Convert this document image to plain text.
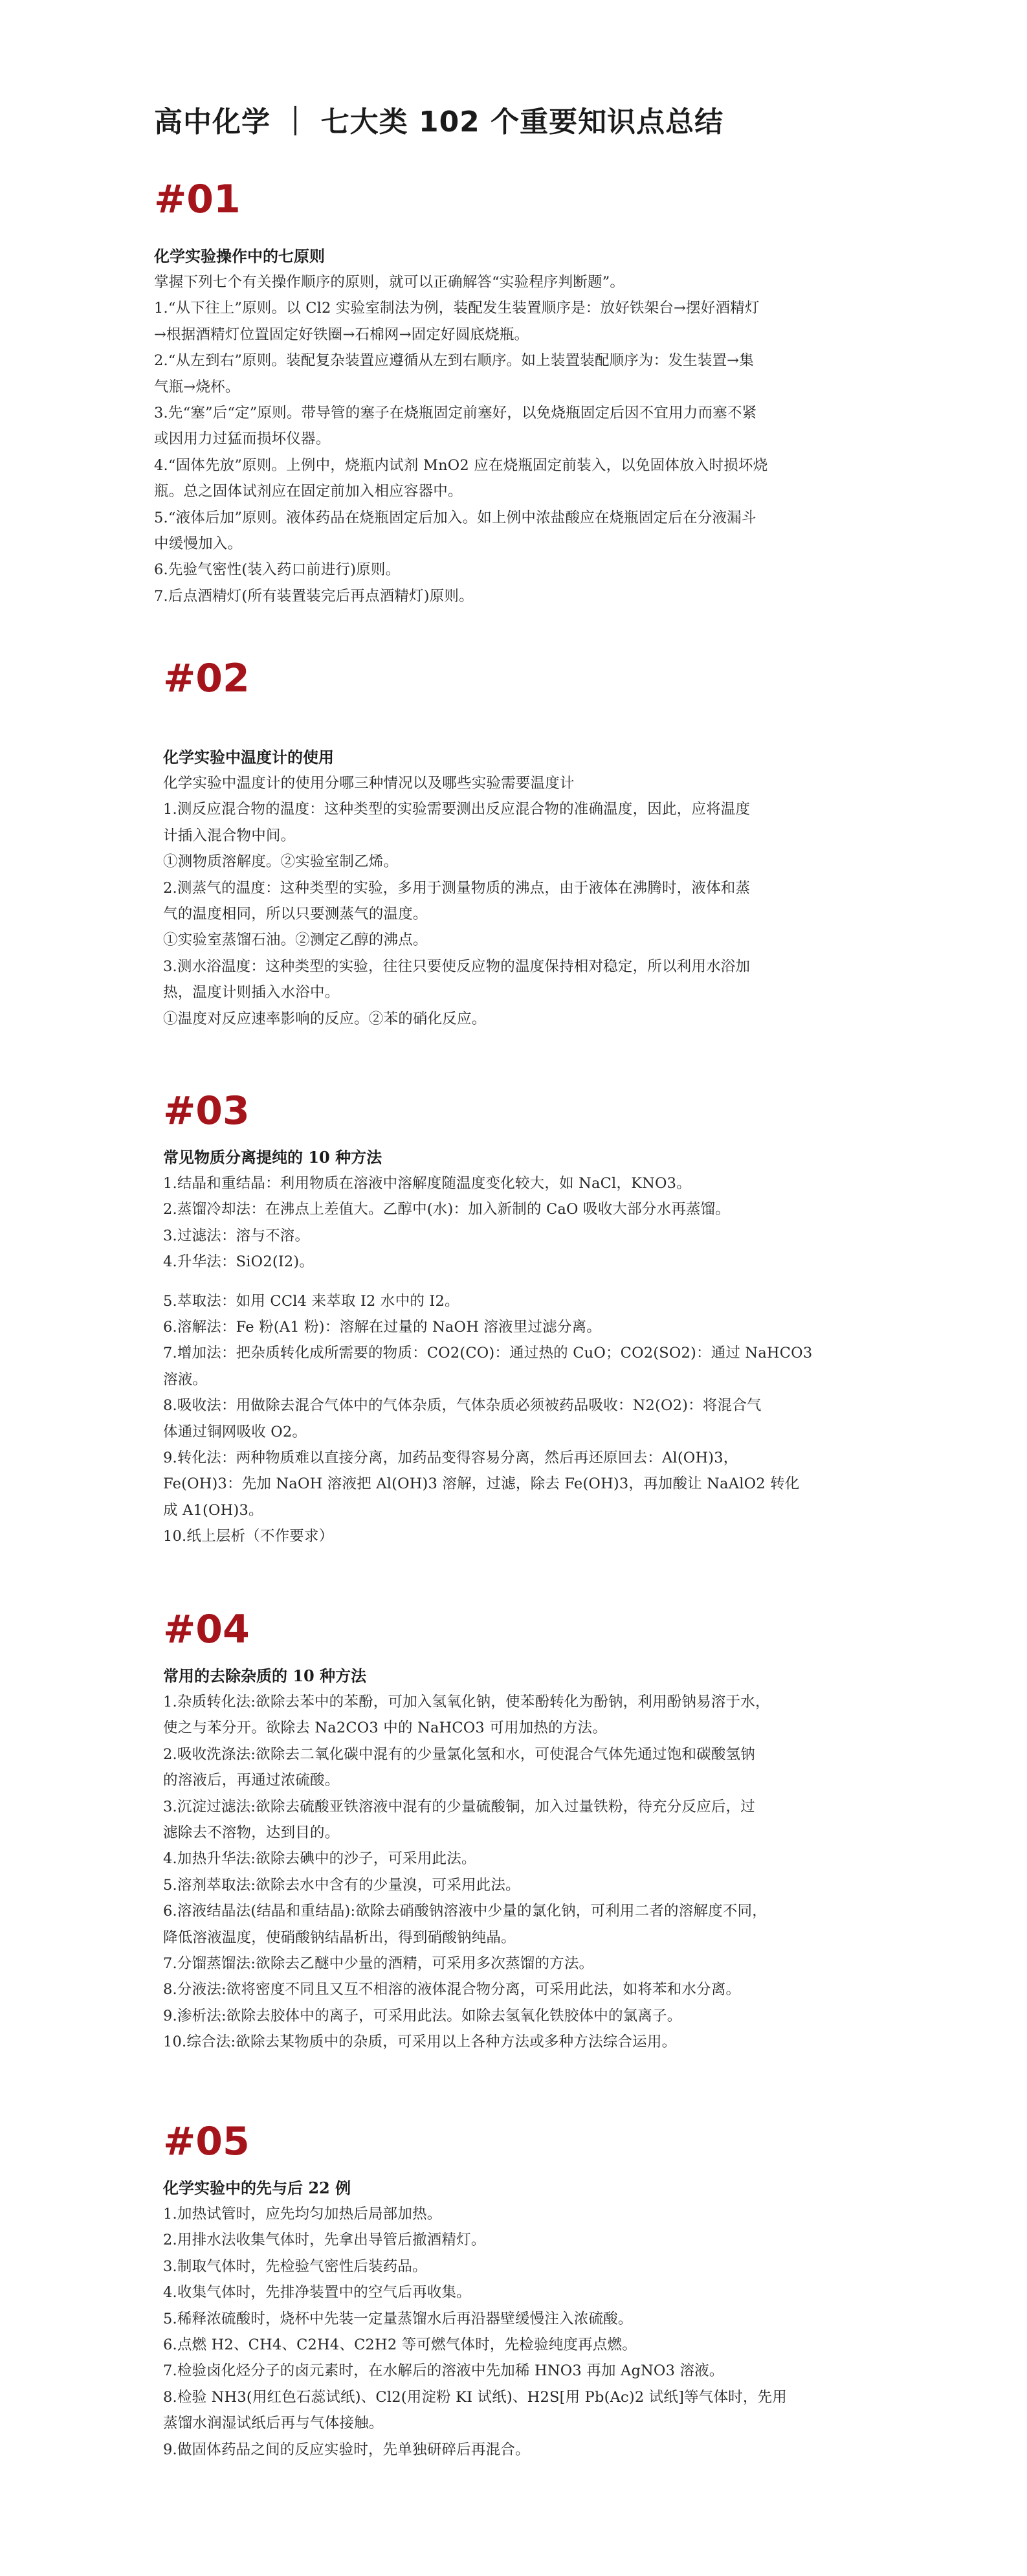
高中化学 ｜ 七大类 102 个重要知识点总结
#01
化学实验操作中的七原则
掌握下列七个有关操作顺序的原则，就可以正确解答“实验程序判断题”。
1.“从下往上”原则。以 Cl2 实验室制法为例，装配发生装置顺序是：放好铁架台→摆好酒精灯
→根据酒精灯位置固定好铁圈→石棉网→固定好圆底烧瓶。
2.“从左到右”原则。装配复杂装置应遵循从左到右顺序。如上装置装配顺序为：发生装置→集
气瓶→烧杯。
3.先“塞”后“定”原则。带导管的塞子在烧瓶固定前塞好，以免烧瓶固定后因不宜用力而塞不紧
或因用力过猛而损坏仪器。
4.“固体先放”原则。上例中，烧瓶内试剂 MnO2 应在烧瓶固定前装入，以免固体放入时损坏烧
瓶。总之固体试剂应在固定前加入相应容器中。
5.“液体后加”原则。液体药品在烧瓶固定后加入。如上例中浓盐酸应在烧瓶固定后在分液漏斗
中缓慢加入。
6.先验气密性(装入药口前进行)原则。
7.后点酒精灯(所有装置装完后再点酒精灯)原则。
#02
化学实验中温度计的使用
化学实验中温度计的使用分哪三种情况以及哪些实验需要温度计
1.测反应混合物的温度：这种类型的实验需要测出反应混合物的准确温度，因此，应将温度
计插入混合物中间。
①测物质溶解度。②实验室制乙烯。
2.测蒸气的温度：这种类型的实验，多用于测量物质的沸点，由于液体在沸腾时，液体和蒸
气的温度相同，所以只要测蒸气的温度。
①实验室蒸馏石油。②测定乙醇的沸点。
3.测水浴温度：这种类型的实验，往往只要使反应物的温度保持相对稳定，所以利用水浴加
热，温度计则插入水浴中。
①温度对反应速率影响的反应。②苯的硝化反应。
#03
常见物质分离提纯的 10 种方法
1.结晶和重结晶：利用物质在溶液中溶解度随温度变化较大，如 NaCl，KNO3。
2.蒸馏冷却法：在沸点上差值大。乙醇中(水)：加入新制的 CaO 吸收大部分水再蒸馏。
3.过滤法：溶与不溶。
4.升华法：SiO2(I2)。
5.萃取法：如用 CCl4 来萃取 I2 水中的 I2。
6.溶解法：Fe 粉(A1 粉)：溶解在过量的 NaOH 溶液里过滤分离。
7.增加法：把杂质转化成所需要的物质：CO2(CO)：通过热的 CuO；CO2(SO2)：通过 NaHCO3
溶液。
8.吸收法：用做除去混合气体中的气体杂质，气体杂质必须被药品吸收：N2(O2)：将混合气
体通过铜网吸收 O2。
9.转化法：两种物质难以直接分离，加药品变得容易分离，然后再还原回去：Al(OH)3，
Fe(OH)3：先加 NaOH 溶液把 Al(OH)3 溶解，过滤，除去 Fe(OH)3，再加酸让 NaAlO2 转化
成 A1(OH)3。
10.纸上层析（不作要求）
#04
常用的去除杂质的 10 种方法
1.杂质转化法:欲除去苯中的苯酚，可加入氢氧化钠，使苯酚转化为酚钠，利用酚钠易溶于水，
使之与苯分开。欲除去 Na2CO3 中的 NaHCO3 可用加热的方法。
2.吸收洗涤法:欲除去二氧化碳中混有的少量氯化氢和水，可使混合气体先通过饱和碳酸氢钠
的溶液后，再通过浓硫酸。
3.沉淀过滤法:欲除去硫酸亚铁溶液中混有的少量硫酸铜，加入过量铁粉，待充分反应后，过
滤除去不溶物，达到目的。
4.加热升华法:欲除去碘中的沙子，可采用此法。
5.溶剂萃取法:欲除去水中含有的少量溴，可采用此法。
6.溶液结晶法(结晶和重结晶):欲除去硝酸钠溶液中少量的氯化钠，可利用二者的溶解度不同，
降低溶液温度，使硝酸钠结晶析出，得到硝酸钠纯晶。
7.分馏蒸馏法:欲除去乙醚中少量的酒精，可采用多次蒸馏的方法。
8.分液法:欲将密度不同且又互不相溶的液体混合物分离，可采用此法，如将苯和水分离。
9.渗析法:欲除去胶体中的离子，可采用此法。如除去氢氧化铁胶体中的氯离子。
10.综合法:欲除去某物质中的杂质，可采用以上各种方法或多种方法综合运用。
#05
化学实验中的先与后 22 例
1.加热试管时，应先均匀加热后局部加热。
2.用排水法收集气体时，先拿出导管后撤酒精灯。
3.制取气体时，先检验气密性后装药品。
4.收集气体时，先排净装置中的空气后再收集。
5.稀释浓硫酸时，烧杯中先装一定量蒸馏水后再沿器壁缓慢注入浓硫酸。
6.点燃 H2、CH4、C2H4、C2H2 等可燃气体时，先检验纯度再点燃。
7.检验卤化烃分子的卤元素时，在水解后的溶液中先加稀 HNO3 再加 AgNO3 溶液。
8.检验 NH3(用红色石蕊试纸)、Cl2(用淀粉 KI 试纸)、H2S[用 Pb(Ac)2 试纸]等气体时，先用
蒸馏水润湿试纸后再与气体接触。
9.做固体药品之间的反应实验时，先单独研碎后再混合。
